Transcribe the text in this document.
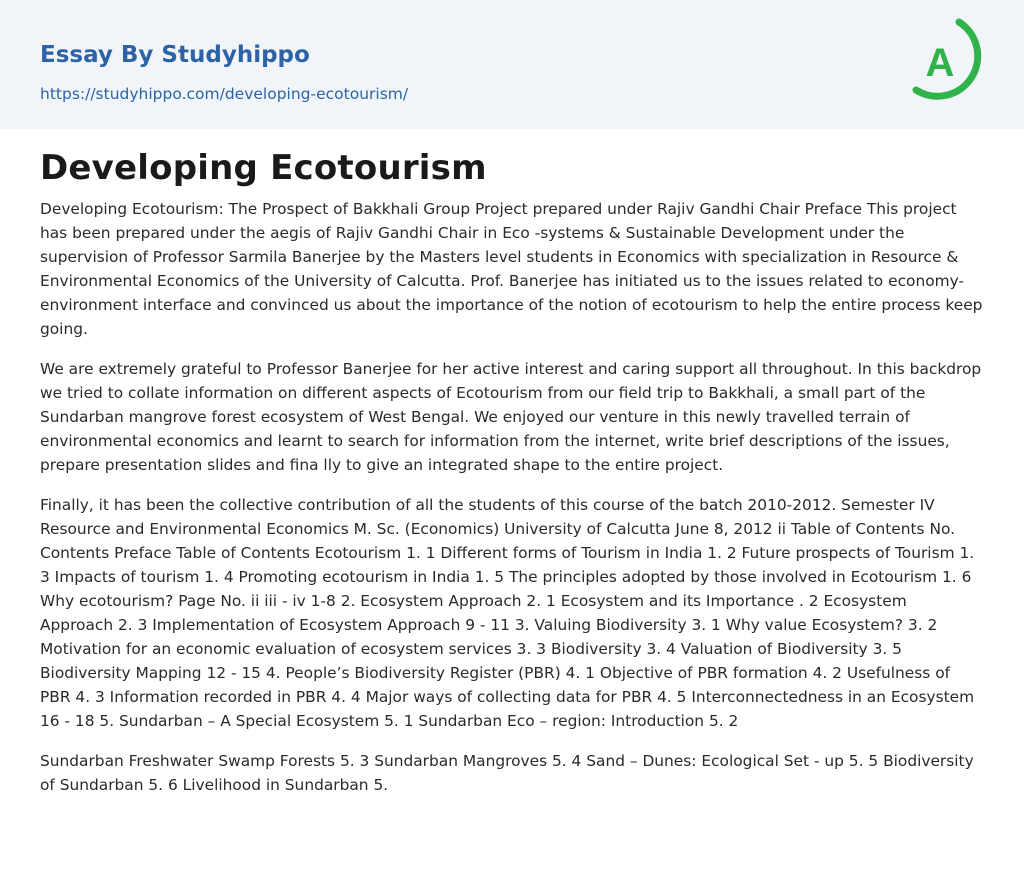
Essay By Studyhippo
https://studyhippo.com/developing-ecotourism/
A
Developing Ecotourism

Developing Ecotourism: The Prospect of Bakkhali Group Project prepared under Rajiv Gandhi Chair Preface This project has been prepared under the aegis of Rajiv Gandhi Chair in Eco -systems & Sustainable Development under the supervision of Professor Sarmila Banerjee by the Masters level students in Economics with specialization in Resource & Environmental Economics of the University of Calcutta. Prof. Banerjee has initiated us to the issues related to economy-environment interface and convinced us about the importance of the notion of ecotourism to help the entire process keep going.

We are extremely grateful to Professor Banerjee for her active interest and caring support all throughout. In this backdrop we tried to collate information on different aspects of Ecotourism from our field trip to Bakkhali, a small part of the Sundarban mangrove forest ecosystem of West Bengal. We enjoyed our venture in this newly travelled terrain of environmental economics and learnt to search for information from the internet, write brief descriptions of the issues, prepare presentation slides and fina lly to give an integrated shape to the entire project.

Finally, it has been the collective contribution of all the students of this course of the batch 2010-2012. Semester IV Resource and Environmental Economics M. Sc. (Economics) University of Calcutta June 8, 2012 ii Table of Contents No. Contents Preface Table of Contents Ecotourism 1. 1 Different forms of Tourism in India 1. 2 Future prospects of Tourism 1. 3 Impacts of tourism 1. 4 Promoting ecotourism in India 1. 5 The principles adopted by those involved in Ecotourism 1. 6 Why ecotourism? Page No. ii iii - iv 1-8 2. Ecosystem Approach 2. 1 Ecosystem and its Importance . 2 Ecosystem Approach 2. 3 Implementation of Ecosystem Approach 9 - 11 3. Valuing Biodiversity 3. 1 Why value Ecosystem? 3. 2 Motivation for an economic evaluation of ecosystem services 3. 3 Biodiversity 3. 4 Valuation of Biodiversity 3. 5 Biodiversity Mapping 12 - 15 4. People’s Biodiversity Register (PBR) 4. 1 Objective of PBR formation 4. 2 Usefulness of PBR 4. 3 Information recorded in PBR 4. 4 Major ways of collecting data for PBR 4. 5 Interconnectedness in an Ecosystem 16 - 18 5. Sundarban – A Special Ecosystem 5. 1 Sundarban Eco – region: Introduction 5. 2

Sundarban Freshwater Swamp Forests 5. 3 Sundarban Mangroves 5. 4 Sand – Dunes: Ecological Set - up 5. 5 Biodiversity of Sundarban 5. 6 Livelihood in Sundarban 5.
